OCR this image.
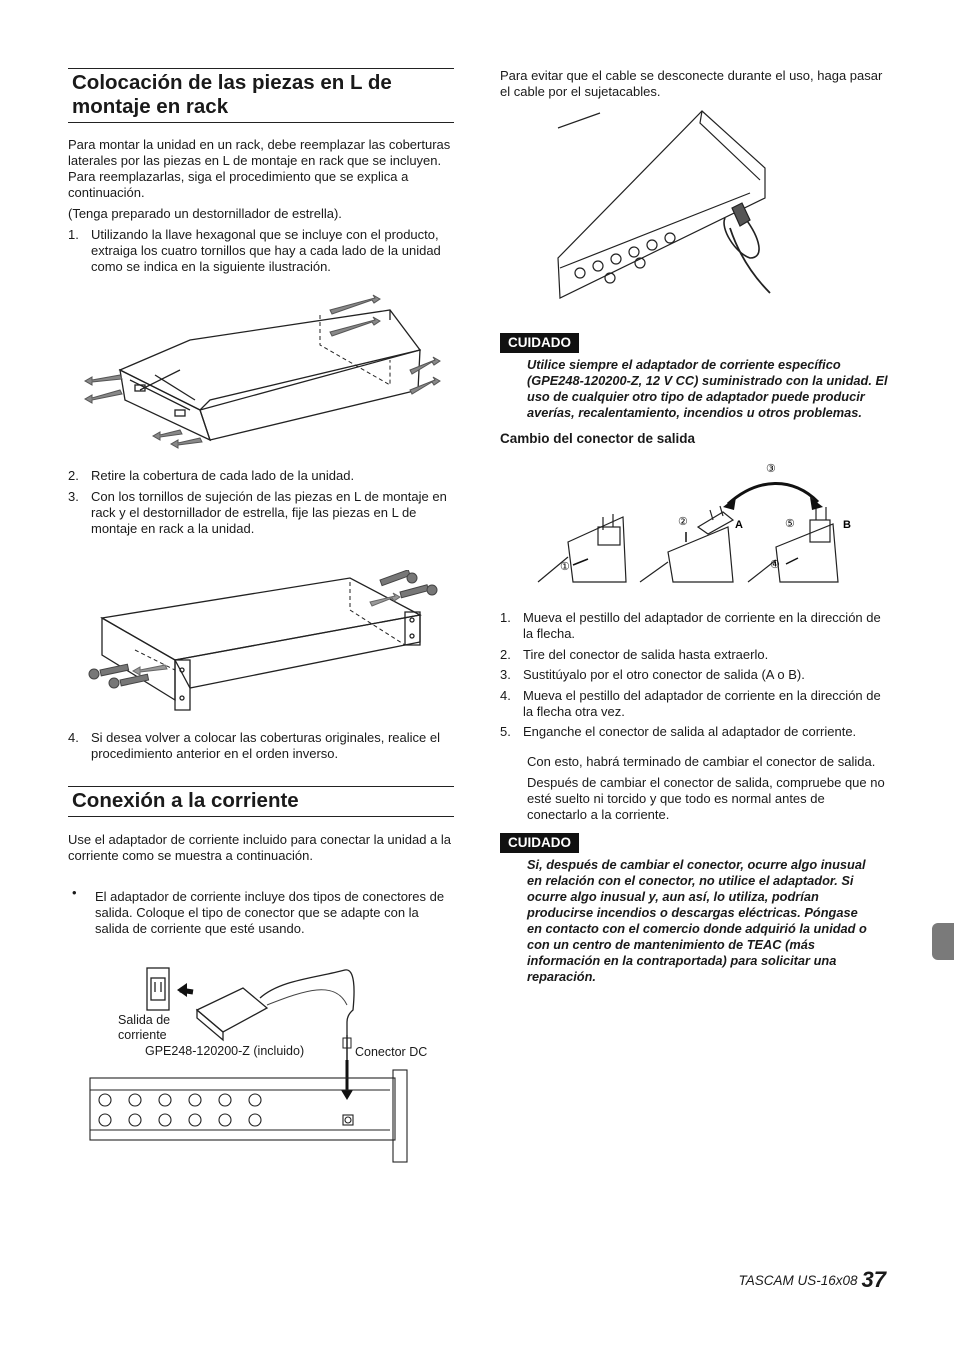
Colocación de las piezas en L de
montaje en rack
Para montar la unidad en un rack, debe reemplazar las coberturas laterales por las piezas en L de montaje en rack que se incluyen. Para reemplazarlas, siga el procedimiento que se explica a continuación.
(Tenga preparado un destornillador de estrella).
1. Utilizando la llave hexagonal que se incluye con el producto, extraiga los cuatro tornillos que hay a cada lado de la unidad como se indica en la siguiente ilustración.
2. Retire la cobertura de cada lado de la unidad.
3. Con los tornillos de sujeción de las piezas en L de montaje en rack y el destornillador de estrella, fije las piezas en L de montaje en rack a la unidad.
4. Si desea volver a colocar las coberturas originales, realice el procedimiento anterior en el orden inverso.
Conexión a la corriente
Use el adaptador de corriente incluido para conectar la unidad a la corriente como se muestra a continuación.
• El adaptador de corriente incluye dos tipos de conectores de salida. Coloque el tipo de conector que se adapte con la salida de corriente que esté usando.
Salida de
corriente
GPE248-120200-Z (incluido)	Conector DC
Para evitar que el cable se desconecte durante el uso, haga pasar el cable por el sujetacables.
CUIDADO
Utilice siempre el adaptador de corriente específico (GPE248-120200-Z, 12 V CC) suministrado con la unidad. El uso de cualquier otro tipo de adaptador puede producir averías, recalentamiento, incendios u otros problemas.
Cambio del conector de salida
③
②	A	⑤	B
①	④
1. Mueva el pestillo del adaptador de corriente en la dirección de la flecha.
2. Tire del conector de salida hasta extraerlo.
3. Sustitúyalo por el otro conector de salida (A o B).
4. Mueva el pestillo del adaptador de corriente en la dirección de la flecha otra vez.
5. Enganche el conector de salida al adaptador de corriente.
Con esto, habrá terminado de cambiar el conector de salida.
Después de cambiar el conector de salida, compruebe que no esté suelto ni torcido y que todo es normal antes de conectarlo a la corriente.
CUIDADO
Si, después de cambiar el conector, ocurre algo inusual en relación con el conector, no utilice el adaptador. Si ocurre algo inusual y, aun así, lo utiliza, podrían producirse incendios o descargas eléctricas. Póngase en contacto con el comercio donde adquirió la unidad o con un centro de mantenimiento de TEAC (más información en la contraportada) para solicitar una reparación.
TASCAM US-16x08 37
